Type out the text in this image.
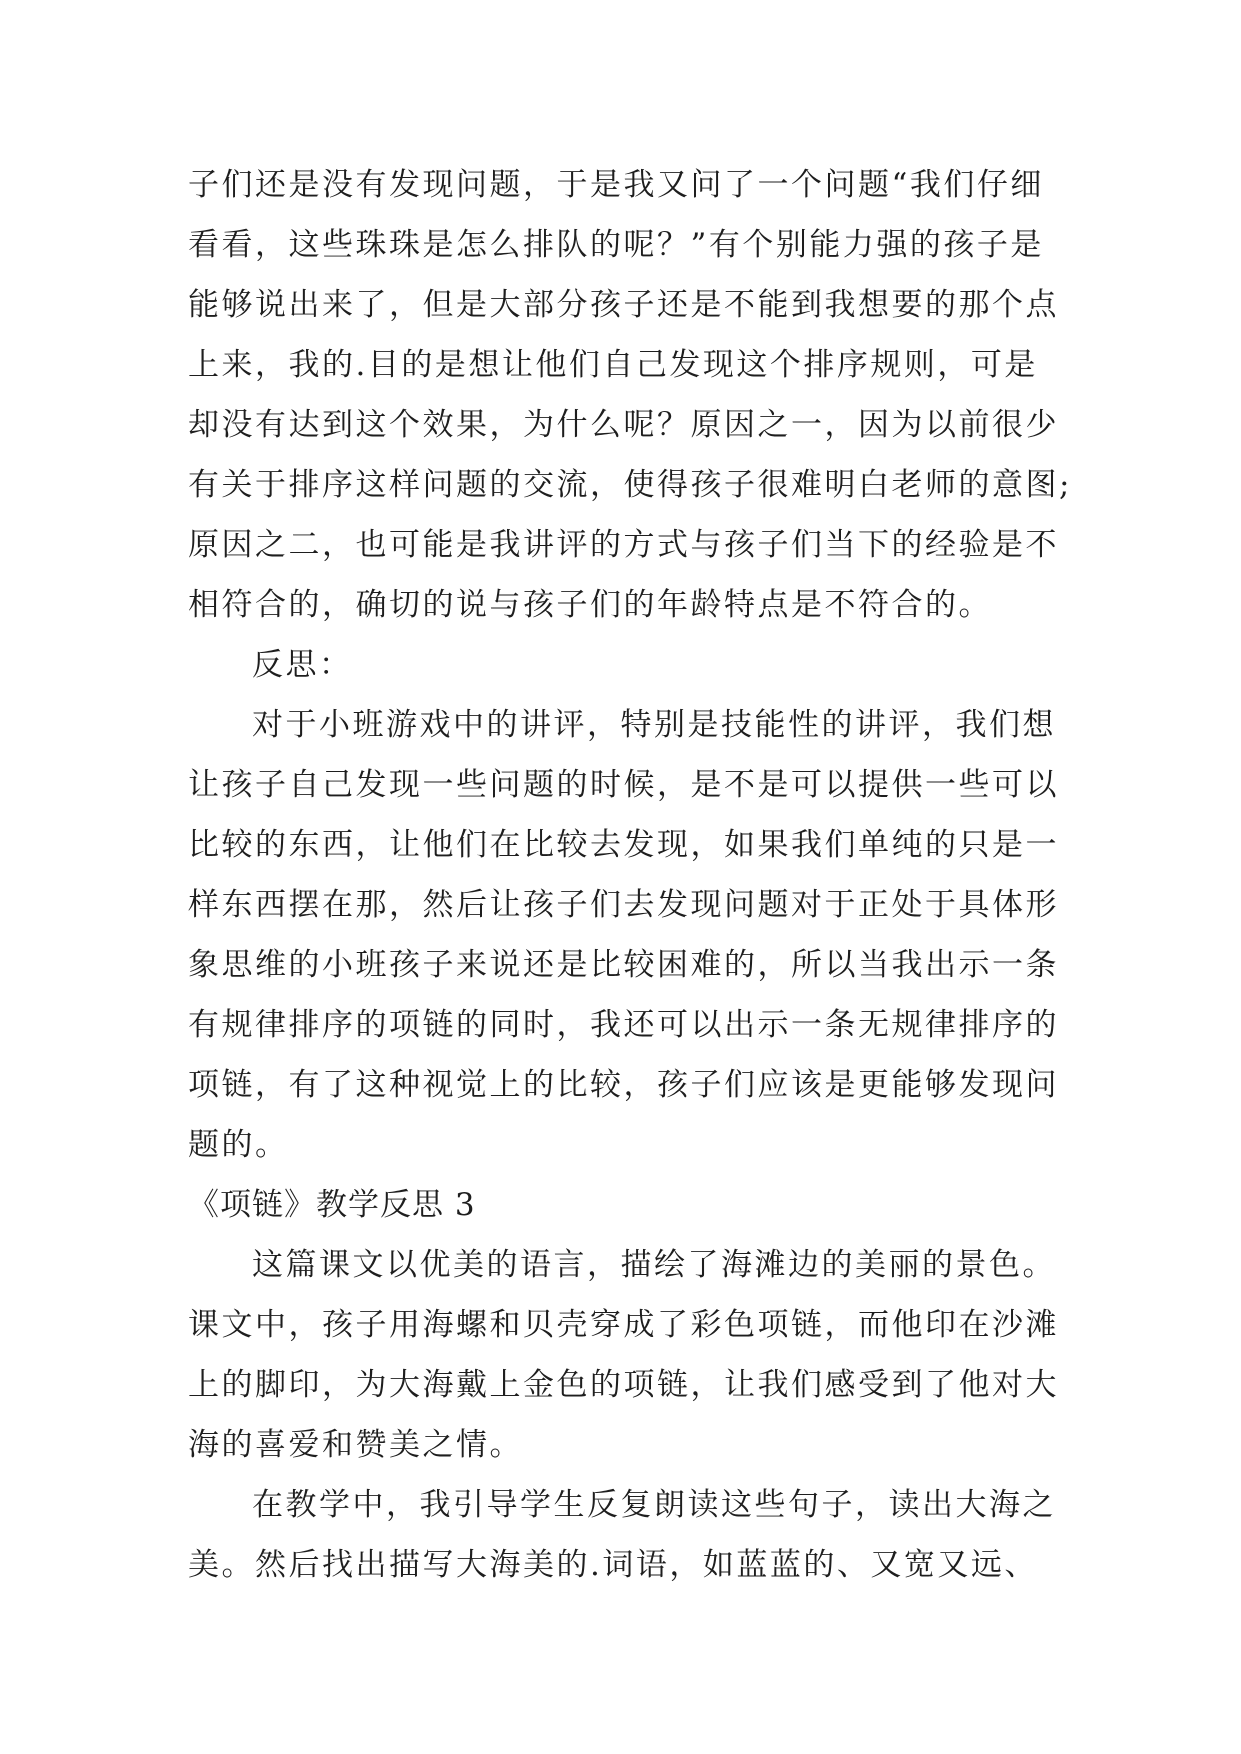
子们还是没有发现问题，于是我又问了一个问题“我们仔细
看看，这些珠珠是怎么排队的呢？”有个别能力强的孩子是
能够说出来了，但是大部分孩子还是不能到我想要的那个点
上来，我的.目的是想让他们自己发现这个排序规则，可是
却没有达到这个效果，为什么呢？原因之一，因为以前很少
有关于排序这样问题的交流，使得孩子很难明白老师的意图;
原因之二，也可能是我讲评的方式与孩子们当下的经验是不
相符合的，确切的说与孩子们的年龄特点是不符合的。
反思：
对于小班游戏中的讲评，特别是技能性的讲评，我们想
让孩子自己发现一些问题的时候，是不是可以提供一些可以
比较的东西，让他们在比较去发现，如果我们单纯的只是一
样东西摆在那，然后让孩子们去发现问题对于正处于具体形
象思维的小班孩子来说还是比较困难的，所以当我出示一条
有规律排序的项链的同时，我还可以出示一条无规律排序的
项链，有了这种视觉上的比较，孩子们应该是更能够发现问
题的。
《项链》教学反思 3
这篇课文以优美的语言，描绘了海滩边的美丽的景色。
课文中，孩子用海螺和贝壳穿成了彩色项链，而他印在沙滩
上的脚印，为大海戴上金色的项链，让我们感受到了他对大
海的喜爱和赞美之情。
在教学中，我引导学生反复朗读这些句子，读出大海之
美。然后找出描写大海美的.词语，如蓝蓝的、又宽又远、
